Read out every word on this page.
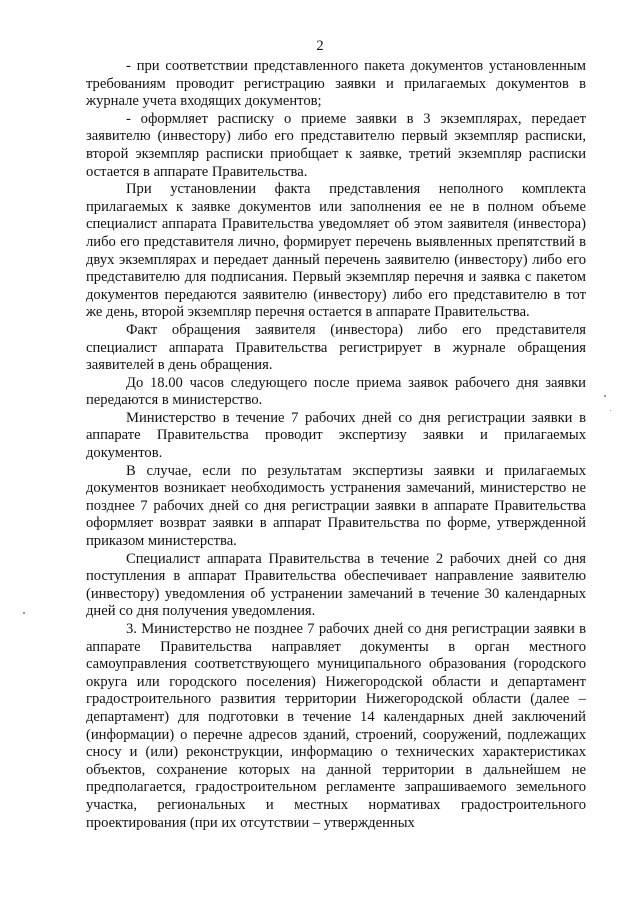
2

- при соответствии представленного пакета документов установленным требованиям проводит регистрацию заявки и прилагаемых документов в журнале учета входящих документов;

- оформляет расписку о приеме заявки в 3 экземплярах, передает заявителю (инвестору) либо его представителю первый экземпляр расписки, второй экземпляр расписки приобщает к заявке, третий экземпляр расписки остается в аппарате Правительства.

При установлении факта представления неполного комплекта прилагаемых к заявке документов или заполнения ее не в полном объеме специалист аппарата Правительства уведомляет об этом заявителя (инвестора) либо его представителя лично, формирует перечень выявленных препятствий в двух экземплярах и передает данный перечень заявителю (инвестору) либо его представителю для подписания. Первый экземпляр перечня и заявка с пакетом документов передаются заявителю (инвестору) либо его представителю в тот же день, второй экземпляр перечня остается в аппарате Правительства.

Факт обращения заявителя (инвестора) либо его представителя специалист аппарата Правительства регистрирует в журнале обращения заявителей в день обращения.

До 18.00 часов следующего после приема заявок рабочего дня заявки передаются в министерство.

Министерство в течение 7 рабочих дней со дня регистрации заявки в аппарате Правительства проводит экспертизу заявки и прилагаемых документов.

В случае, если по результатам экспертизы заявки и прилагаемых документов возникает необходимость устранения замечаний, министерство не позднее 7 рабочих дней со дня регистрации заявки в аппарате Правительства оформляет возврат заявки в аппарат Правительства по форме, утвержденной приказом министерства.

Специалист аппарата Правительства в течение 2 рабочих дней со дня поступления в аппарат Правительства обеспечивает направление заявителю (инвестору) уведомления об устранении замечаний в течение 30 календарных дней со дня получения уведомления.

3. Министерство не позднее 7 рабочих дней со дня регистрации заявки в аппарате Правительства направляет документы в орган местного самоуправления соответствующего муниципального образования (городского округа или городского поселения) Нижегородской области и департамент градостроительного развития территории Нижегородской области (далее – департамент) для подготовки в течение 14 календарных дней заключений (информации) о перечне адресов зданий, строений, сооружений, подлежащих сносу и (или) реконструкции, информацию о технических характеристиках объектов, сохранение которых на данной территории в дальнейшем не предполагается, градостроительном регламенте запрашиваемого земельного участка, региональных и местных нормативах градостроительного проектирования (при их отсутствии – утвержденных
